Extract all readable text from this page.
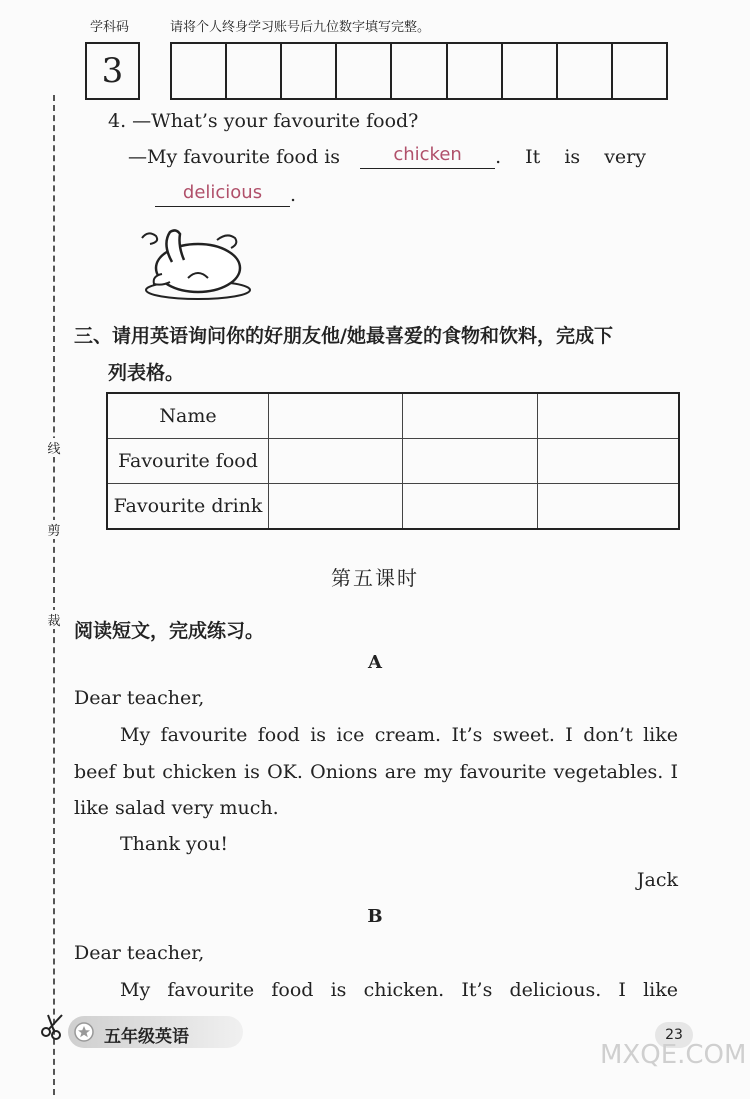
学科码	请将个人终身学习账号后九位数字填写完整。
3
线
剪
裁
4. —What’s your favourite food?
—My favourite food is	chicken . It is very
delicious .
三、请用英语询问你的好朋友他/她最喜爱的食物和饮料，完成下
列表格。
Name			
Favourite food			
Favourite drink			
第五课时
阅读短文，完成练习。
A
Dear teacher,
My favourite food is ice cream. It’s sweet. I don’t like
beef but chicken is OK. Onions are my favourite vegetables. I
like salad very much.
Thank you!
Jack
B
Dear teacher,
My favourite food is chicken. It’s delicious. I like
五年级英语	23
MXQE.COM
